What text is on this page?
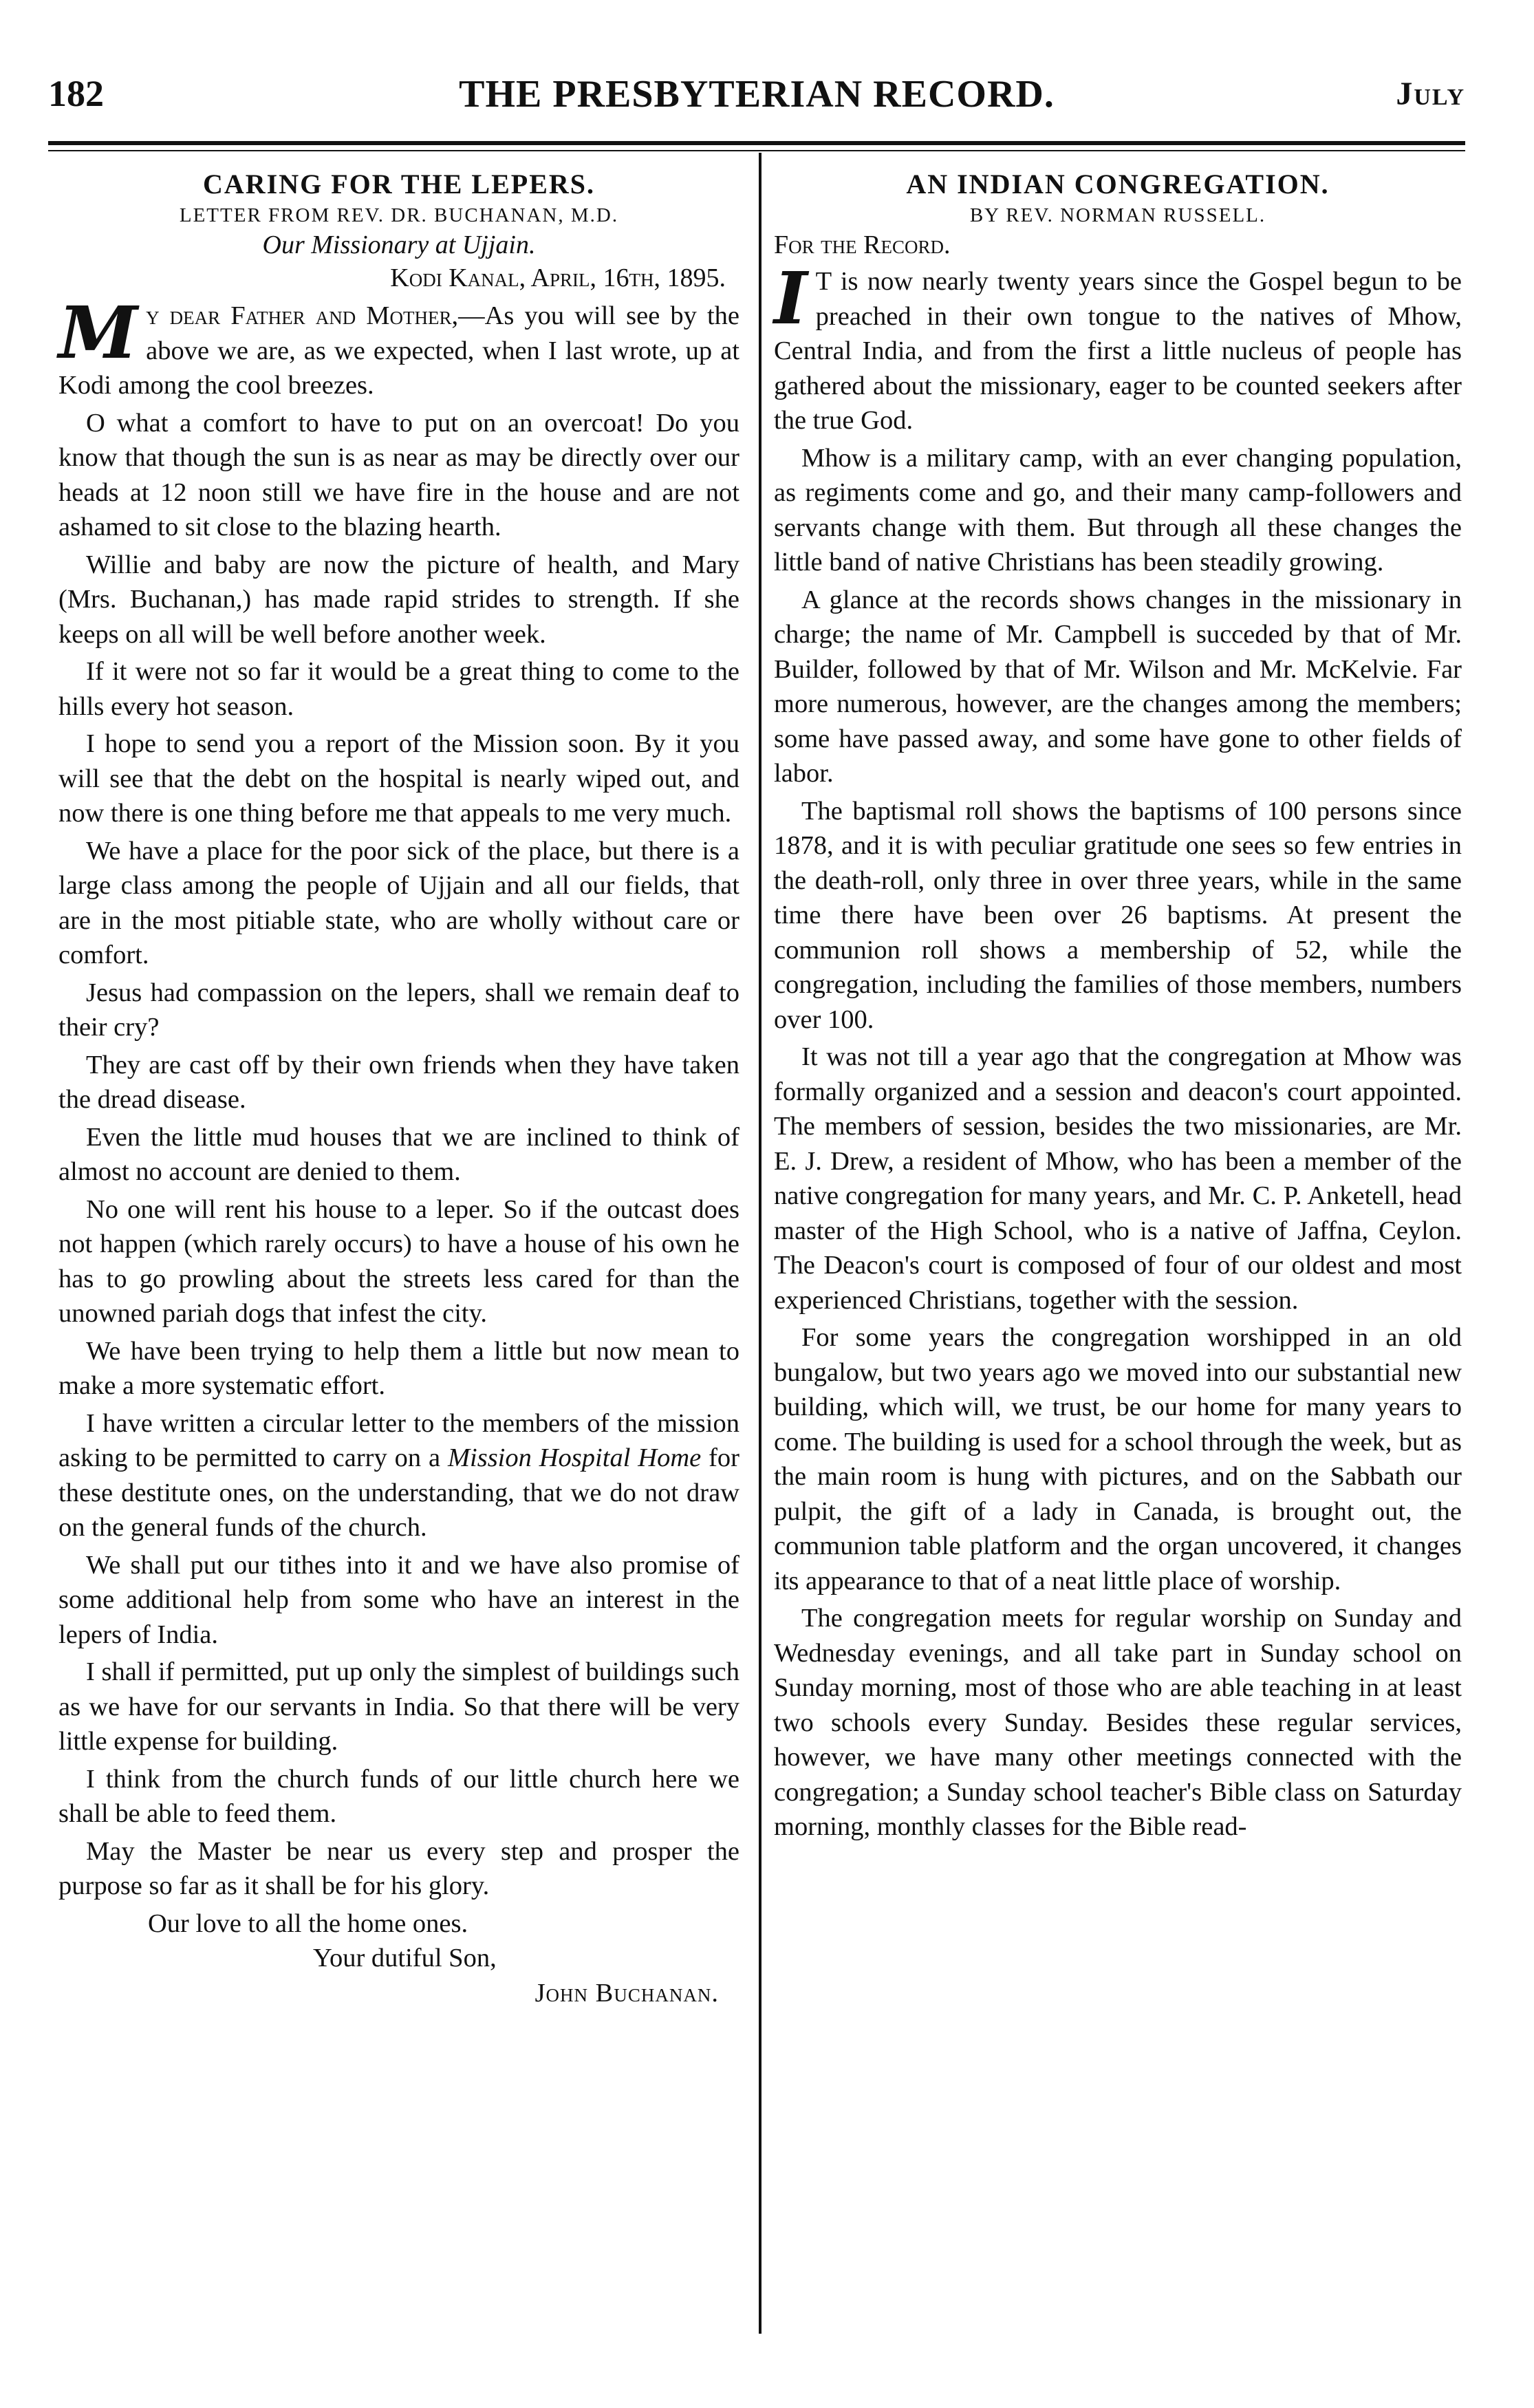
THE PRESBYTERIAN RECORD.
182	July
CARING FOR THE LEPERS.
LETTER FROM REV. DR. BUCHANAN, M.D.
Our Missionary at Ujjain.
Kodi Kanal, April, 16th, 1895.

My dear Father and Mother,—As you will see by the above we are, as we expected, when I last wrote, up at Kodi among the cool breezes.

O what a comfort to have to put on an overcoat! Do you know that though the sun is as near as may be directly over our heads at 12 noon still we have fire in the house and are not ashamed to sit close to the blazing hearth.

Willie and baby are now the picture of health, and Mary (Mrs. Buchanan,) has made rapid strides to strength. If she keeps on all will be well before another week.

If it were not so far it would be a great thing to come to the hills every hot season.

I hope to send you a report of the Mission soon. By it you will see that the debt on the hospital is nearly wiped out, and now there is one thing before me that appeals to me very much.

We have a place for the poor sick of the place, but there is a large class among the people of Ujjain and all our fields, that are in the most pitiable state, who are wholly without care or comfort.

Jesus had compassion on the lepers, shall we remain deaf to their cry?

They are cast off by their own friends when they have taken the dread disease.

Even the little mud houses that we are inclined to think of almost no account are denied to them.

No one will rent his house to a leper. So if the outcast does not happen (which rarely occurs) to have a house of his own he has to go prowling about the streets less cared for than the unowned pariah dogs that infest the city.

We have been trying to help them a little but now mean to make a more systematic effort.

I have written a circular letter to the members of the mission asking to be permitted to carry on a Mission Hospital Home for these destitute ones, on the understanding, that we do not draw on the general funds of the church.

We shall put our tithes into it and we have also promise of some additional help from some who have an interest in the lepers of India.

I shall if permitted, put up only the simplest of buildings such as we have for our servants in India. So that there will be very little expense for building.

I think from the church funds of our little church here we shall be able to feed them.

May the Master be near us every step and prosper the purpose so far as it shall be for his glory.

Our love to all the home ones.

Your dutiful Son,

John Buchanan.

AN INDIAN CONGREGATION.
BY REV. NORMAN RUSSELL.
For the Record.

I T is now nearly twenty years since the Gospel begun to be preached in their own tongue to the natives of Mhow, Central India, and from the first a little nucleus of people has gathered about the missionary, eager to be counted seekers after the true God.

Mhow is a military camp, with an ever changing population, as regiments come and go, and their many camp-followers and servants change with them. But through all these changes the little band of native Christians has been steadily growing.

A glance at the records shows changes in the missionary in charge; the name of Mr. Campbell is succeded by that of Mr. Builder, followed by that of Mr. Wilson and Mr. McKelvie. Far more numerous, however, are the changes among the members; some have passed away, and some have gone to other fields of labor.

The baptismal roll shows the baptisms of 100 persons since 1878, and it is with peculiar gratitude one sees so few entries in the death-roll, only three in over three years, while in the same time there have been over 26 baptisms. At present the communion roll shows a membership of 52, while the congregation, including the families of those members, numbers over 100.

It was not till a year ago that the congregation at Mhow was formally organized and a session and deacon's court appointed. The members of session, besides the two missionaries, are Mr. E. J. Drew, a resident of Mhow, who has been a member of the native congregation for many years, and Mr. C. P. Anketell, head master of the High School, who is a native of Jaffna, Ceylon. The Deacon's court is composed of four of our oldest and most experienced Christians, together with the session.

For some years the congregation worshipped in an old bungalow, but two years ago we moved into our substantial new building, which will, we trust, be our home for many years to come. The building is used for a school through the week, but as the main room is hung with pictures, and on the Sabbath our pulpit, the gift of a lady in Canada, is brought out, the communion table platform and the organ uncovered, it changes its appearance to that of a neat little place of worship.

The congregation meets for regular worship on Sunday and Wednesday evenings, and all take part in Sunday school on Sunday morning, most of those who are able teaching in at least two schools every Sunday. Besides these regular services, however, we have many other meetings connected with the congregation; a Sunday school teacher's Bible class on Saturday morning, monthly classes for the Bible read-
